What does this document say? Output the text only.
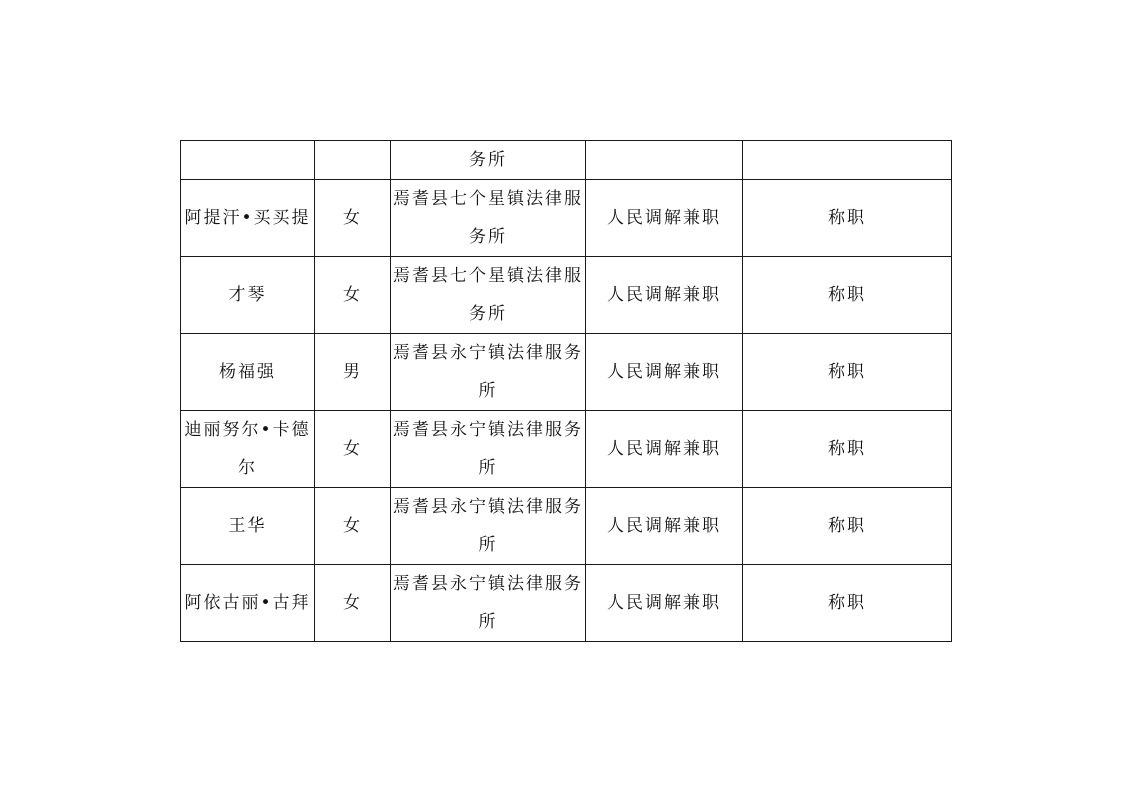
		务所		
阿提汗•买买提	女	焉耆县七个星镇法律服务所	人民调解兼职	称职
才琴	女	焉耆县七个星镇法律服务所	人民调解兼职	称职
杨福强	男	焉耆县永宁镇法律服务所	人民调解兼职	称职
迪丽努尔•卡德尔	女	焉耆县永宁镇法律服务所	人民调解兼职	称职
王华	女	焉耆县永宁镇法律服务所	人民调解兼职	称职
阿依古丽•古拜	女	焉耆县永宁镇法律服务所	人民调解兼职	称职
